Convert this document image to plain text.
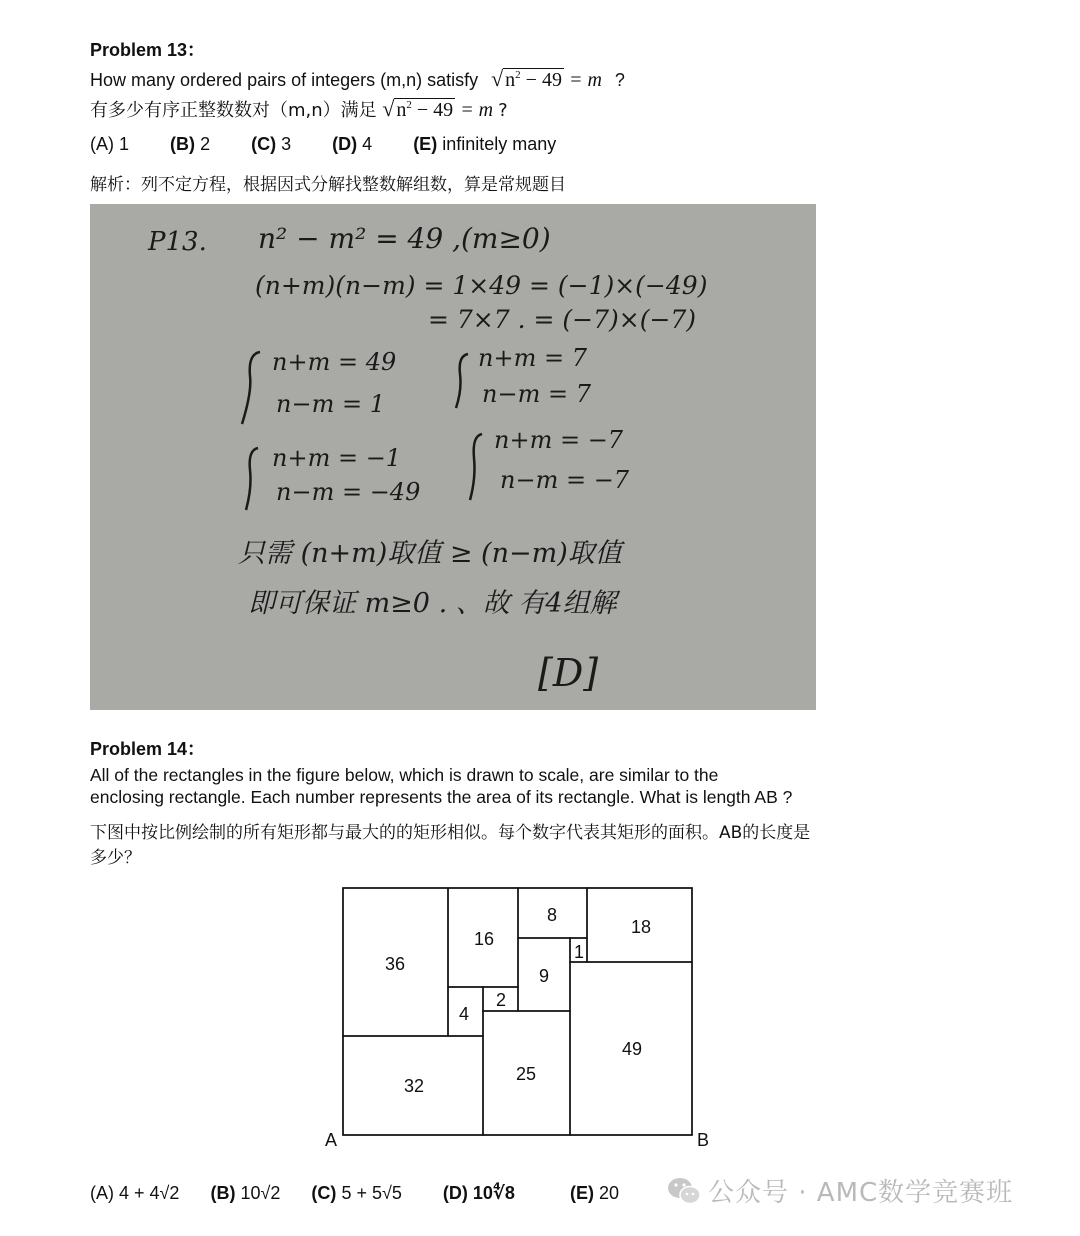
Problem 13：
How many ordered pairs of integers (m,n) satisfy √ $n^2 - 49 = m$ ?
有多少有序正整数数对（m,n）满足 √ $n^2 - 49 = m$ ?
(A) 1 (B) 2 (C) 3 (D) 4 (E) infinitely many
解析：列不定方程，根据因式分解找整数解组数，算是常规题目
P13. n² − m² = 49 ,(m≥0)
(n+m)(n−m) = 1×49 = (−1)×(−49)
= 7×7 . = (−7)×(−7)
n+m = 49
n−m = 1
n+m = 7
n−m = 7
n+m = −1
n−m = −49
n+m = −7
n−m = −7
只需 (n+m)取值 ≥ (n−m)取值
即可保证 m≥0 . 、故 有4组解
[D]
Problem 14：
All of the rectangles in the figure below, which is drawn to scale, are similar to the
enclosing rectangle. Each number represents the area of its rectangle. What is length AB ?
下图中按比例绘制的所有矩形都与最大的的矩形相似。每个数字代表其矩形的面积。AB的长度是
多少？
36
16
8
18
1
9
2
4
32
25
49
A	B
(A) 4 + 4√2 (B) 10√2 (C) 5 + 5√5 (D) 10∜8	(E) 20	公众号 · AMC数学竞赛班
